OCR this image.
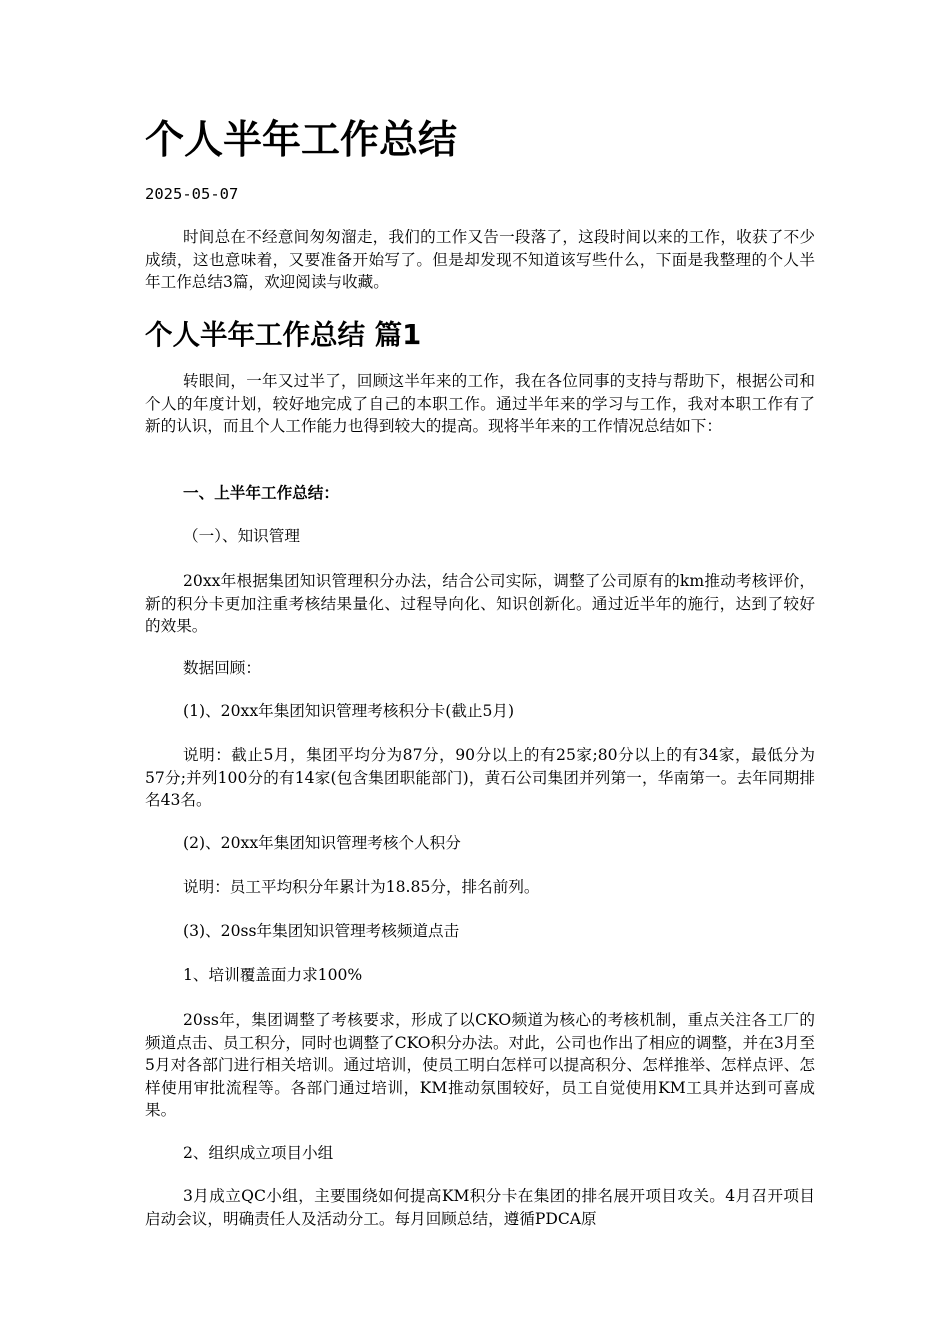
个人半年工作总结
2025-05-07

时间总在不经意间匆匆溜走，我们的工作又告一段落了，这段时间以来的工作，收获了不少成绩，这也意味着，又要准备开始写了。但是却发现不知道该写些什么，下面是我整理的个人半年工作总结3篇，欢迎阅读与收藏。

个人半年工作总结 篇1

转眼间，一年又过半了，回顾这半年来的工作，我在各位同事的支持与帮助下，根据公司和个人的年度计划，较好地完成了自己的本职工作。通过半年来的学习与工作，我对本职工作有了新的认识，而且个人工作能力也得到较大的提高。现将半年来的工作情况总结如下：

一、上半年工作总结：

（一）、知识管理

20xx年根据集团知识管理积分办法，结合公司实际，调整了公司原有的km推动考核评价，新的积分卡更加注重考核结果量化、过程导向化、知识创新化。通过近半年的施行，达到了较好的效果。

数据回顾：

(1)、20xx年集团知识管理考核积分卡(截止5月)

说明：截止5月，集团平均分为87分，90分以上的有25家;80分以上的有34家，最低分为57分;并列100分的有14家(包含集团职能部门)，黄石公司集团并列第一，华南第一。去年同期排名43名。

(2)、20xx年集团知识管理考核个人积分

说明：员工平均积分年累计为18.85分，排名前列。

(3)、20ss年集团知识管理考核频道点击

1、培训覆盖面力求100%

20ss年，集团调整了考核要求，形成了以CKO频道为核心的考核机制，重点关注各工厂的频道点击、员工积分，同时也调整了CKO积分办法。对此，公司也作出了相应的调整，并在3月至5月对各部门进行相关培训。通过培训，使员工明白怎样可以提高积分、怎样推举、怎样点评、怎样使用审批流程等。各部门通过培训，KM推动氛围较好，员工自觉使用KM工具并达到可喜成果。

2、组织成立项目小组

3月成立QC小组，主要围绕如何提高KM积分卡在集团的排名展开项目攻关。4月召开项目启动会议，明确责任人及活动分工。每月回顾总结，遵循PDCA原
